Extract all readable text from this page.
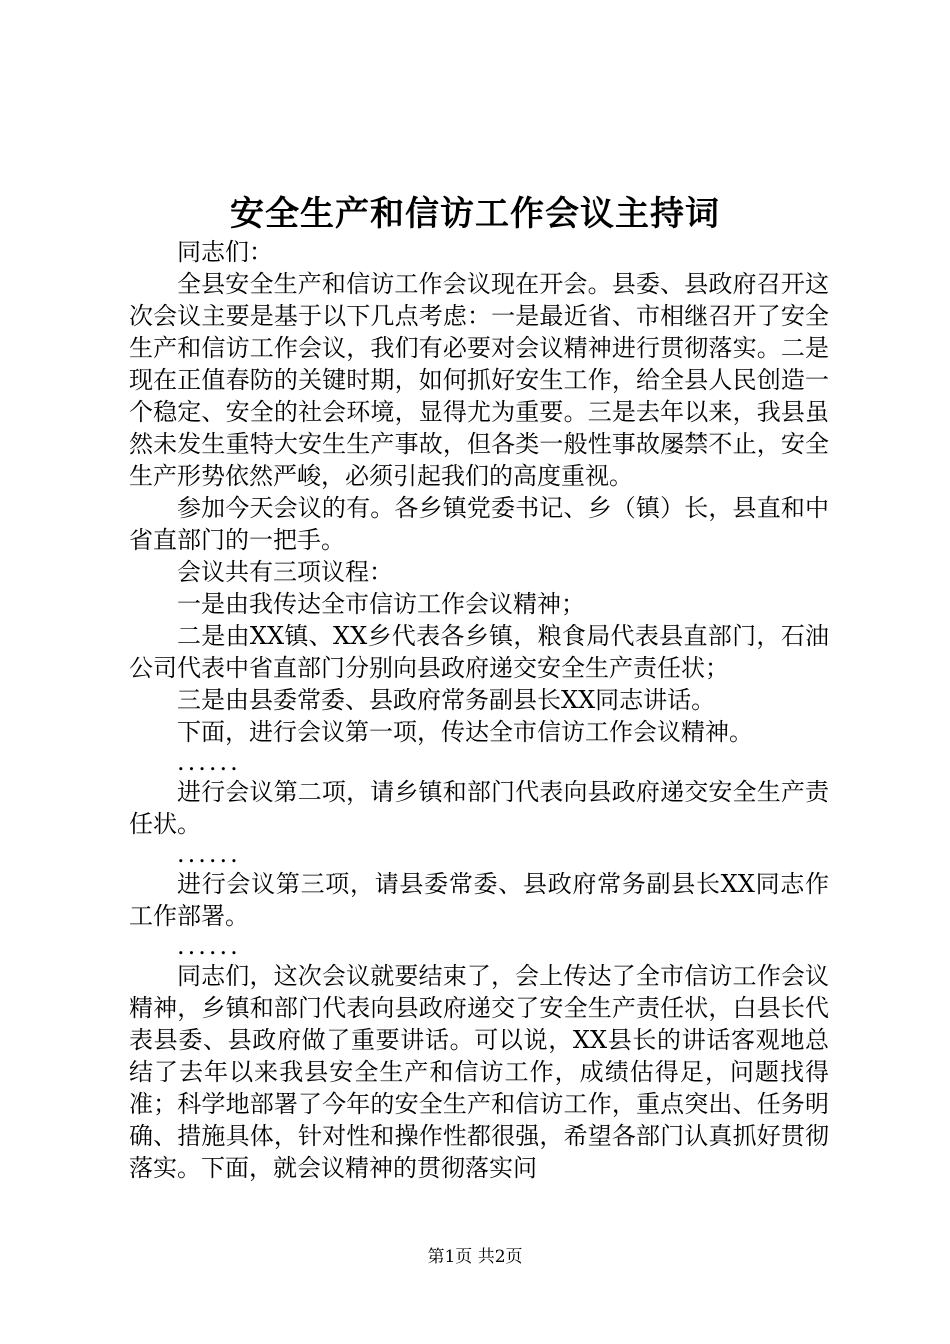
安全生产和信访工作会议主持词

同志们：

全县安全生产和信访工作会议现在开会。县委、县政府召开这次会议主要是基于以下几点考虑：一是最近省、市相继召开了安全生产和信访工作会议，我们有必要对会议精神进行贯彻落实。二是现在正值春防的关键时期，如何抓好安生工作，给全县人民创造一个稳定、安全的社会环境，显得尤为重要。三是去年以来，我县虽然未发生重特大安生生产事故，但各类一般性事故屡禁不止，安全生产形势依然严峻，必须引起我们的高度重视。

参加今天会议的有。各乡镇党委书记、乡（镇）长，县直和中省直部门的一把手。

会议共有三项议程：

一是由我传达全市信访工作会议精神；

二是由XX镇、XX乡代表各乡镇，粮食局代表县直部门，石油公司代表中省直部门分别向县政府递交安全生产责任状；

三是由县委常委、县政府常务副县长XX同志讲话。

下面，进行会议第一项，传达全市信访工作会议精神。

......

进行会议第二项，请乡镇和部门代表向县政府递交安全生产责任状。

......

进行会议第三项，请县委常委、县政府常务副县长XX同志作工作部署。

......

同志们，这次会议就要结束了，会上传达了全市信访工作会议精神，乡镇和部门代表向县政府递交了安全生产责任状，白县长代表县委、县政府做了重要讲话。可以说，XX县长的讲话客观地总结了去年以来我县安全生产和信访工作，成绩估得足，问题找得准；科学地部署了今年的安全生产和信访工作，重点突出、任务明确、措施具体，针对性和操作性都很强，希望各部门认真抓好贯彻落实。下面，就会议精神的贯彻落实问

第1页 共2页
